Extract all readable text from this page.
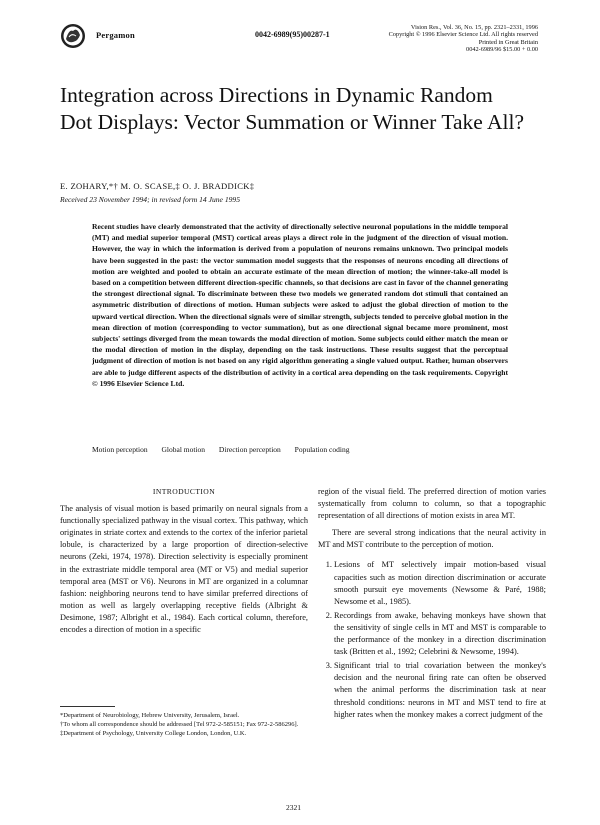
Pergamon	0042-6989(95)00287-1
Vision Res., Vol. 36, No. 15, pp. 2321–2331, 1996
Copyright © 1996 Elsevier Science Ltd. All rights reserved
Printed in Great Britain
0042-6989/96 $15.00 + 0.00
Integration across Directions in Dynamic Random Dot Displays: Vector Summation or Winner Take All?
E. ZOHARY,*† M. O. SCASE,‡ O. J. BRADDICK‡
Received 23 November 1994; in revised form 14 June 1995
Recent studies have clearly demonstrated that the activity of directionally selective neuronal populations in the middle temporal (MT) and medial superior temporal (MST) cortical areas plays a direct role in the judgment of the direction of visual motion. However, the way in which the information is derived from a population of neurons remains unknown. Two principal models have been suggested in the past: the vector summation model suggests that the responses of neurons encoding all directions of motion are weighted and pooled to obtain an accurate estimate of the mean direction of motion; the winner-take-all model is based on a competition between different direction-specific channels, so that decisions are cast in favor of the channel generating the strongest directional signal. To discriminate between these two models we generated random dot stimuli that contained an asymmetric distribution of directions of motion. Human subjects were asked to adjust the global direction of motion to the upward vertical direction. When the directional signals were of similar strength, subjects tended to perceive global motion in the mean direction of motion (corresponding to vector summation), but as one directional signal became more prominent, most subjects' settings diverged from the mean towards the modal direction of motion. Some subjects could either match the mean or the modal direction of motion in the display, depending on the task instructions. These results suggest that the perceptual judgment of direction of motion is not based on any rigid algorithm generating a single valued output. Rather, human observers are able to judge different aspects of the distribution of activity in a cortical area depending on the task requirements. Copyright © 1996 Elsevier Science Ltd.
Motion perception Global motion Direction perception Population coding
INTRODUCTION

The analysis of visual motion is based primarily on neural signals from a functionally specialized pathway in the visual cortex. This pathway, which originates in striate cortex and extends to the cortex of the inferior parietal lobule, is characterized by a large proportion of direction-selective neurons (Zeki, 1974, 1978). Direction selectivity is especially prominent in the extrastriate middle temporal area (MT or V5) and medial superior temporal area (MST or V6). Neurons in MT are organized in a columnar fashion: neighboring neurons tend to have similar preferred directions of motion as well as largely overlapping receptive fields (Albright & Desimone, 1987; Albright et al., 1984). Each cortical column, therefore, encodes a direction of motion in a specific

region of the visual field. The preferred direction of motion varies systematically from column to column, so that a topographic representation of all directions of motion exists in area MT.

There are several strong indications that the neural activity in MT and MST contribute to the perception of motion.

1. Lesions of MT selectively impair motion-based visual capacities such as motion direction discrimination or accurate smooth pursuit eye movements (Newsome & Paré, 1988; Newsome et al., 1985).
2. Recordings from awake, behaving monkeys have shown that the sensitivity of single cells in MT and MST is comparable to the performance of the monkey in a direction discrimination task (Britten et al., 1992; Celebrini & Newsome, 1994).
3. Significant trial to trial covariation between the monkey's decision and the neuronal firing rate can often be observed when the animal performs the discrimination task at near threshold conditions: neurons in MT and MST tend to fire at higher rates when the monkey makes a correct judgment of the
*Department of Neurobiology, Hebrew University, Jerusalem, Israel.
†To whom all correspondence should be addressed [Tel 972-2-585151; Fax 972-2-586296].
‡Department of Psychology, University College London, London, U.K.
2321
